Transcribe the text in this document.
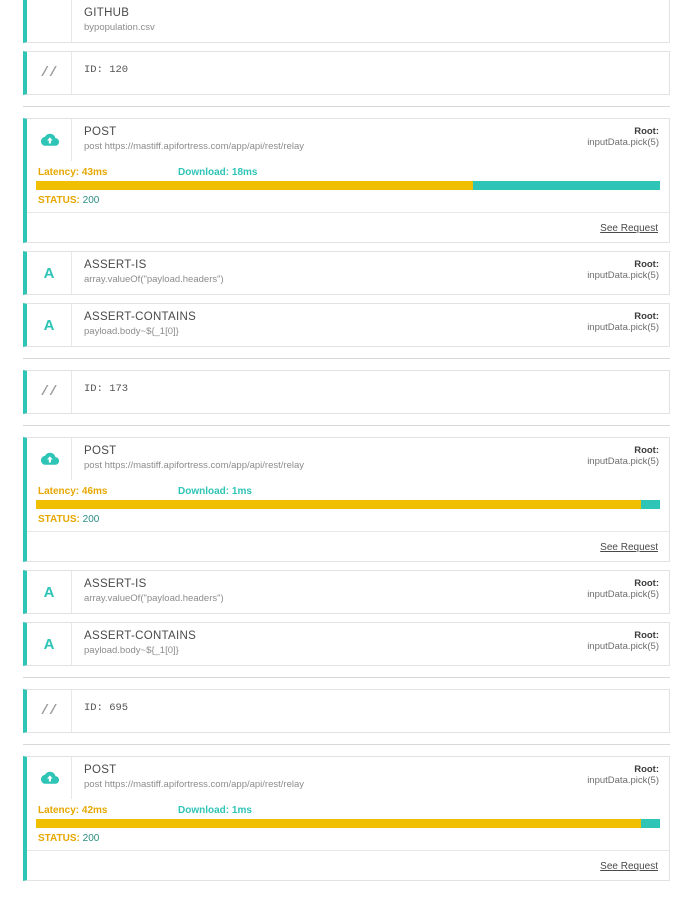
GITHUB
bypopulation.csv
//	ID: 120
POST
post https://mastiff.apifortress.com/app/api/rest/relay
Root:
inputData.pick(5)
Latency: 43ms	Download: 18ms
STATUS: 200
See Request
A	ASSERT-IS
array.valueOf("payload.headers")
Root:
inputData.pick(5)
A	ASSERT-CONTAINS
payload.body~${_1[0]}
Root:
inputData.pick(5)
//	ID: 173
POST
post https://mastiff.apifortress.com/app/api/rest/relay
Root:
inputData.pick(5)
Latency: 46ms	Download: 1ms
STATUS: 200
See Request
A	ASSERT-IS
array.valueOf("payload.headers")
Root:
inputData.pick(5)
A	ASSERT-CONTAINS
payload.body~${_1[0]}
Root:
inputData.pick(5)
//	ID: 695
POST
post https://mastiff.apifortress.com/app/api/rest/relay
Root:
inputData.pick(5)
Latency: 42ms	Download: 1ms
STATUS: 200
See Request
